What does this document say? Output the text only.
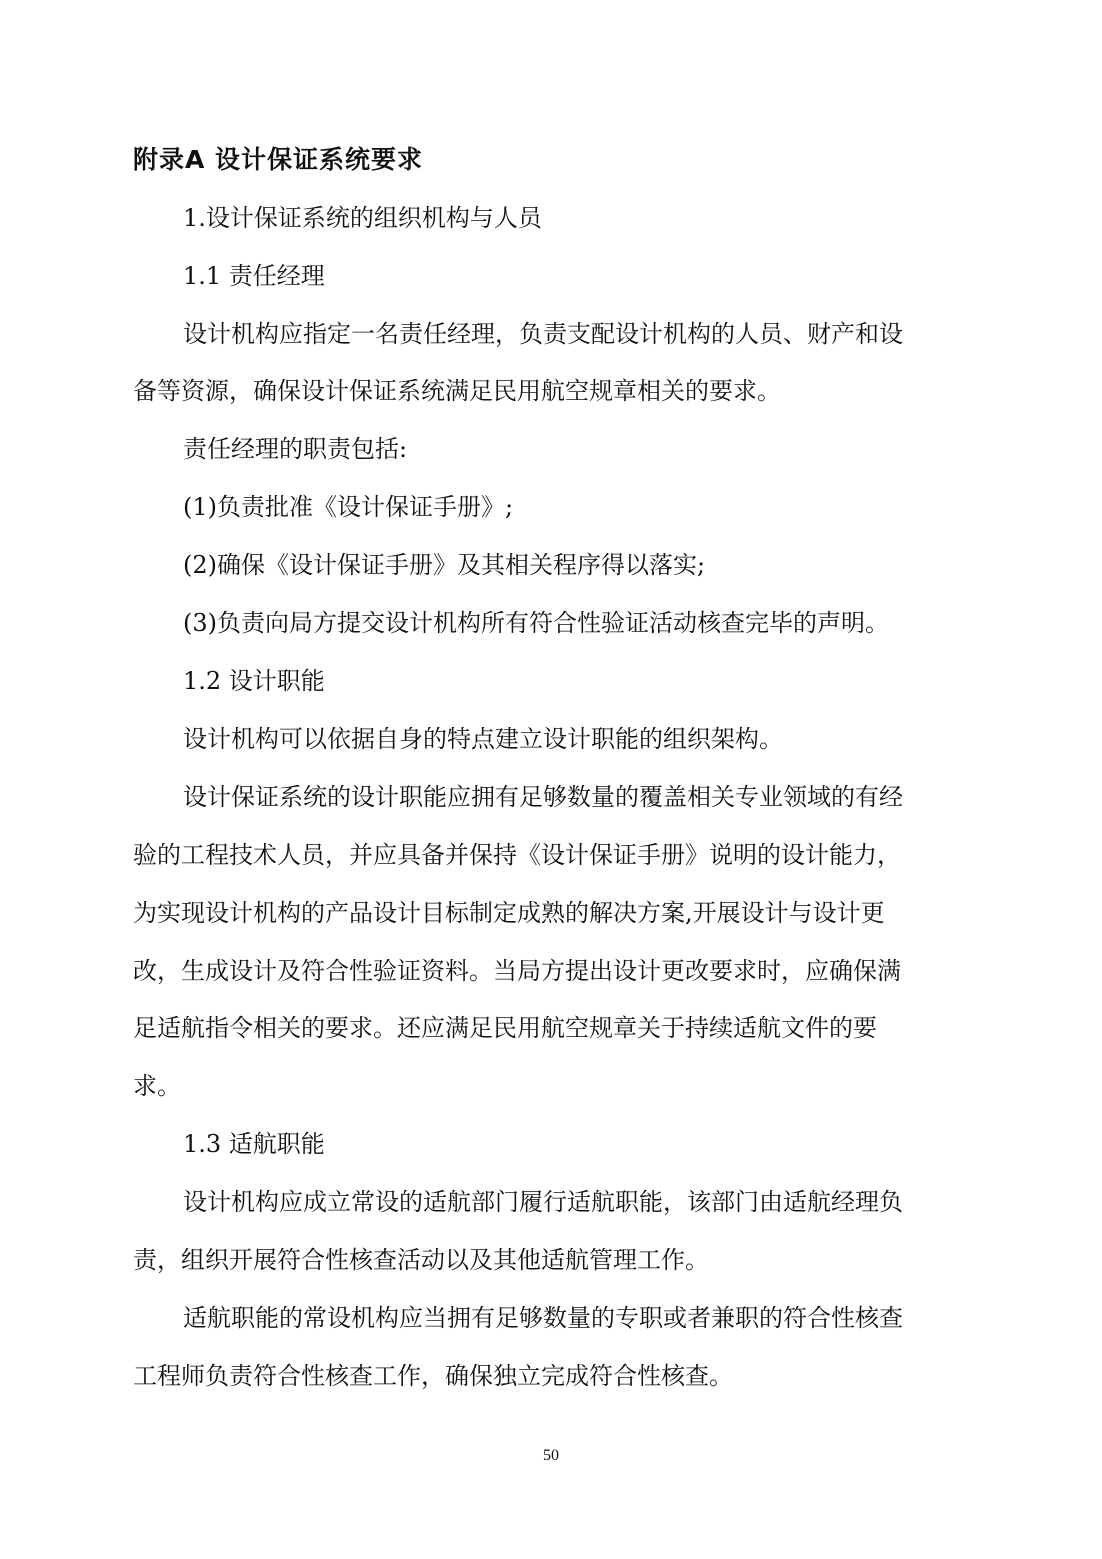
附录A 设计保证系统要求
1.设计保证系统的组织机构与人员
1.1 责任经理
设计机构应指定一名责任经理，负责支配设计机构的人员、财产和设
备等资源，确保设计保证系统满足民用航空规章相关的要求。
责任经理的职责包括:
(1)负责批准《设计保证手册》;
(2)确保《设计保证手册》及其相关程序得以落实;
(3)负责向局方提交设计机构所有符合性验证活动核查完毕的声明。
1.2 设计职能
设计机构可以依据自身的特点建立设计职能的组织架构。
设计保证系统的设计职能应拥有足够数量的覆盖相关专业领域的有经
验的工程技术人员，并应具备并保持《设计保证手册》说明的设计能力，
为实现设计机构的产品设计目标制定成熟的解决方案,开展设计与设计更
改，生成设计及符合性验证资料。当局方提出设计更改要求时，应确保满
足适航指令相关的要求。还应满足民用航空规章关于持续适航文件的要
求。
1.3 适航职能
设计机构应成立常设的适航部门履行适航职能，该部门由适航经理负
责，组织开展符合性核查活动以及其他适航管理工作。
适航职能的常设机构应当拥有足够数量的专职或者兼职的符合性核查
工程师负责符合性核查工作，确保独立完成符合性核查。
50
